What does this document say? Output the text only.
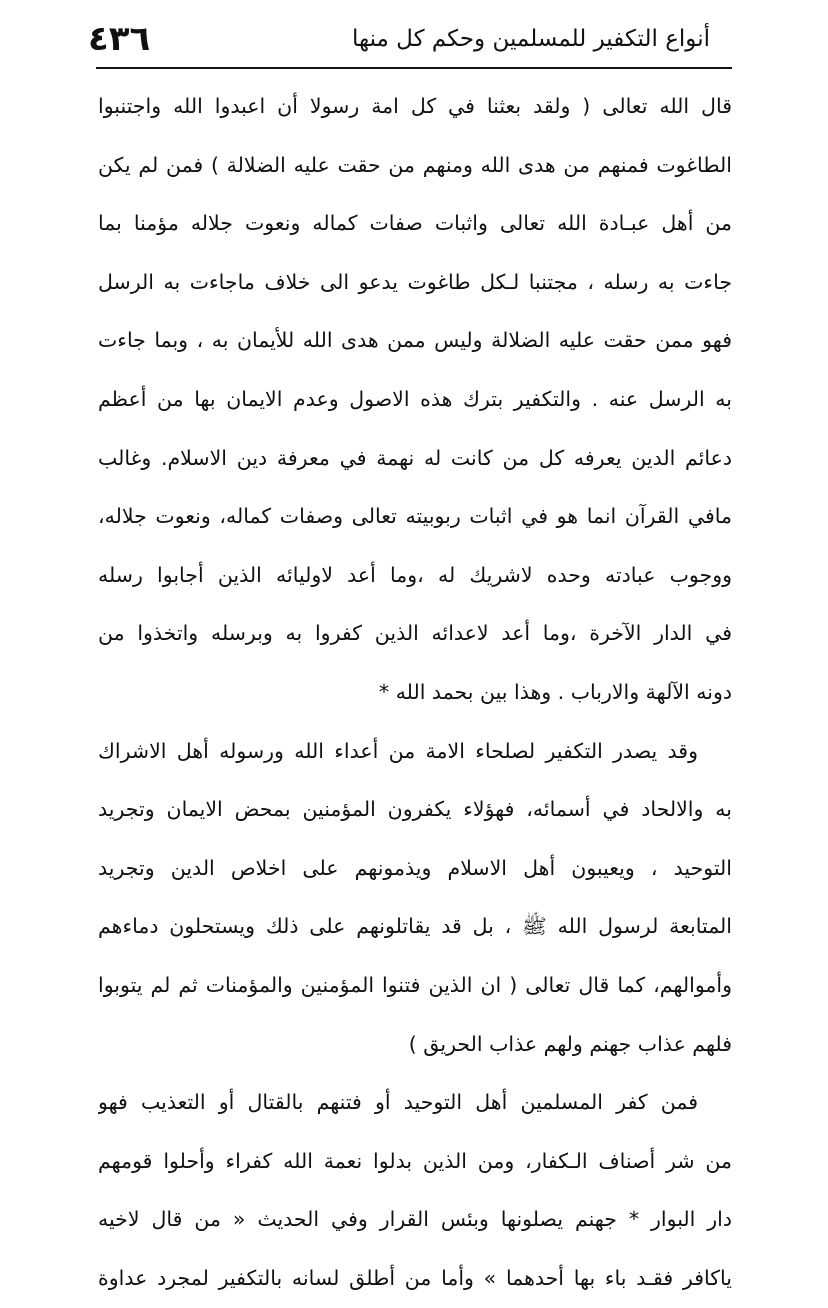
أنواع التكفير للمسلمين وحكم كل منها
٤٣٦
قال الله تعالى ( ولقد بعثنا في كل امة رسولا أن اعبدوا الله واجتنبوا
الطاغوت فمنهم من هدى الله ومنهم من حقت عليه الضلالة ) فمن لم يكن
من أهل عبـادة الله تعالى واثبات صفات كماله ونعوت جلاله مؤمنا بما
جاءت به رسله ، مجتنبا لـكل طاغوت يدعو الى خلاف ماجاءت به الرسل
فهو ممن حقت عليه الضلالة وليس ممن هدى الله للأيمان به ، وبما جاءت
به الرسل عنه . والتكفير بترك هذه الاصول وعدم الايمان بها من أعظم
دعائم الدين يعرفه كل من كانت له نهمة في معرفة دين الاسلام. وغالب
مافي القرآن انما هو في اثبات ربوبيته تعالى وصفات كماله، ونعوت جلاله،
ووجوب عبادته وحده لاشريك له ،وما أعد لاوليائه الذين أجابوا رسله
في الدار الآخرة ،وما أعد لاعدائه الذين كفروا به وبرسله واتخذوا من
دونه الآلهة والارباب . وهذا بين بحمد الله *
وقد يصدر التكفير لصلحاء الامة من أعداء الله ورسوله أهل الاشراك
به والالحاد في أسمائه، فهؤلاء يكفرون المؤمنين بمحض الايمان وتجريد
التوحيد ، ويعيبون أهل الاسلام ويذمونهم على اخلاص الدين وتجريد
المتابعة لرسول الله ﷺ ، بل قد يقاتلونهم على ذلك ويستحلون دماءهم
وأموالهم، كما قال تعالى ( ان الذين فتنوا المؤمنين والمؤمنات ثم لم يتوبوا
فلهم عذاب جهنم ولهم عذاب الحريق )
فمن كفر المسلمين أهل التوحيد أو فتنهم بالقتال أو التعذيب فهو
من شر أصناف الـكفار، ومن الذين بدلوا نعمة الله كفراء وأحلوا قومهم
دار البوار * جهنم يصلونها وبئس القرار وفي الحديث « من قال لاخيه
ياكافر فقـد باء بها أحدهما » وأما من أطلق لسانه بالتكفير لمجرد عداوة
